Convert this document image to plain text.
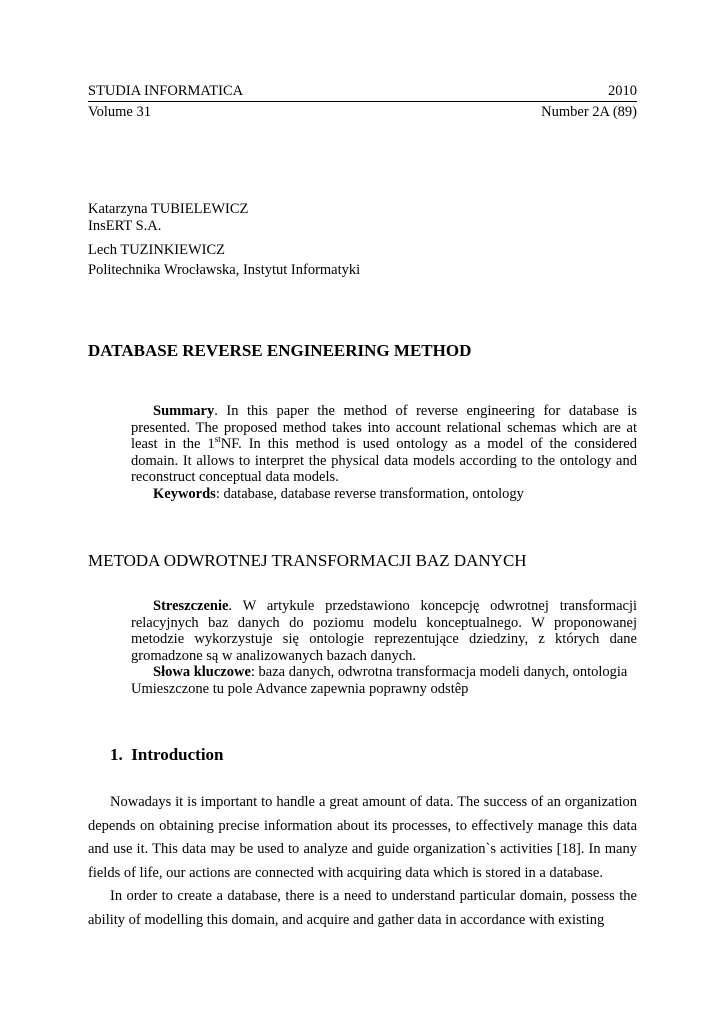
STUDIA INFORMATICA	2010
Volume 31	Number 2A (89)
Katarzyna TUBIELEWICZ
InsERT S.A.
Lech TUZINKIEWICZ
Politechnika Wrocławska, Instytut Informatyki
DATABASE REVERSE ENGINEERING METHOD

Summary. In this paper the method of reverse engineering for database is presented. The proposed method takes into account relational schemas which are at least in the 1stNF. In this method is used ontology as a model of the considered domain. It allows to interpret the physical data models according to the ontology and reconstruct conceptual data models.

Keywords: database, database reverse transformation, ontology

METODA ODWROTNEJ TRANSFORMACJI BAZ DANYCH

Streszczenie. W artykule przedstawiono koncepcję odwrotnej transformacji relacyjnych baz danych do poziomu modelu konceptualnego. W proponowanej metodzie wykorzystuje się ontologie reprezentujące dziedziny, z których dane gromadzone są w analizowanych bazach danych.

Słowa kluczowe: baza danych, odwrotna transformacja modeli danych, ontologia

Umieszczone tu pole Advance zapewnia poprawny odstêp

1. Introduction

Nowadays it is important to handle a great amount of data. The success of an organization depends on obtaining precise information about its processes, to effectively manage this data and use it. This data may be used to analyze and guide organization`s activities [18]. In many fields of life, our actions are connected with acquiring data which is stored in a database.

In order to create a database, there is a need to understand particular domain, possess the ability of modelling this domain, and acquire and gather data in accordance with existing
